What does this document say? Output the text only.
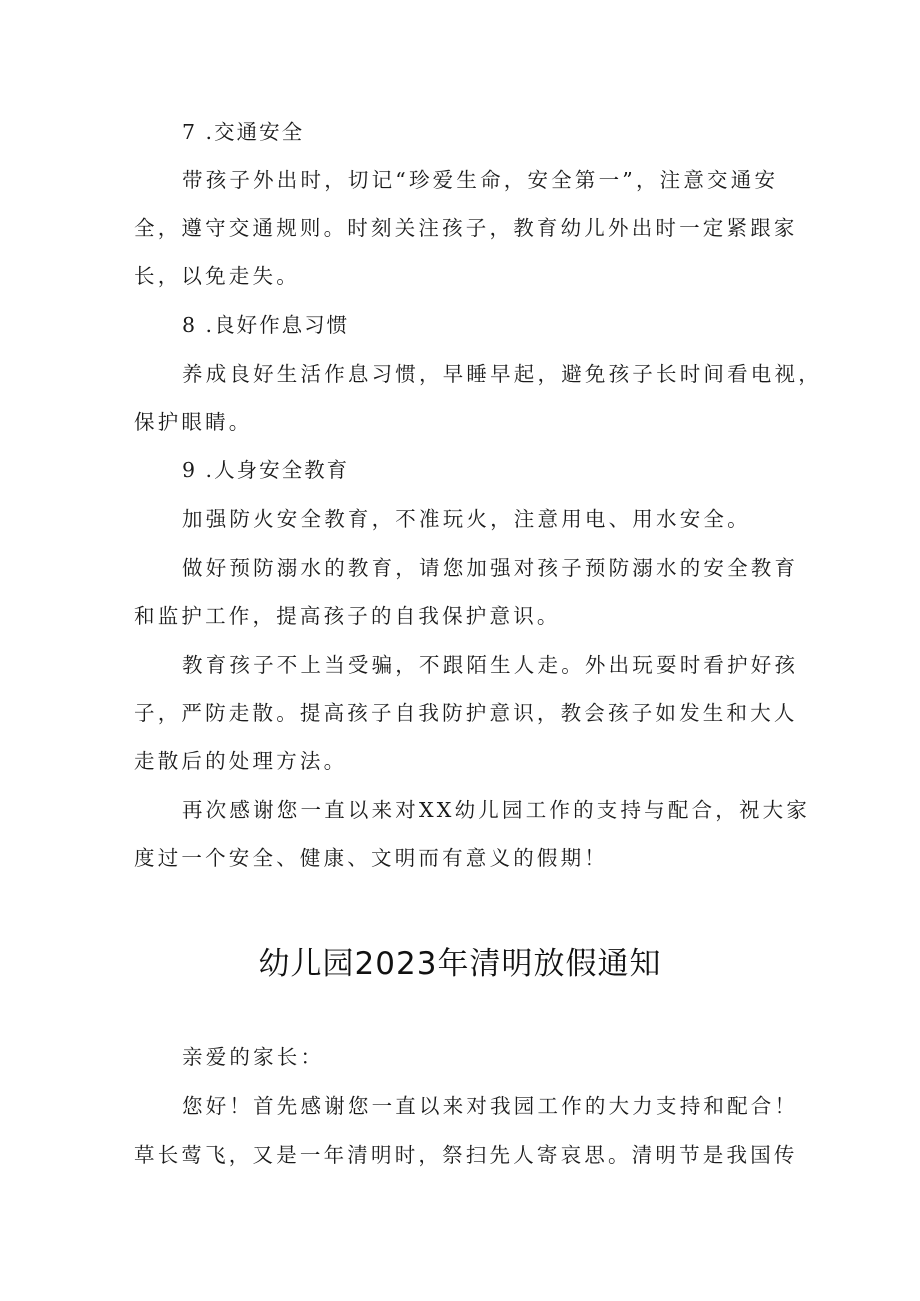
7 .交通安全
带孩子外出时，切记“珍爱生命，安全第一”，注意交通安
全，遵守交通规则。时刻关注孩子，教育幼儿外出时一定紧跟家
长，以免走失。
8 .良好作息习惯
养成良好生活作息习惯，早睡早起，避免孩子长时间看电视，
保护眼睛。
9 .人身安全教育
加强防火安全教育，不准玩火，注意用电、用水安全。
做好预防溺水的教育，请您加强对孩子预防溺水的安全教育
和监护工作，提高孩子的自我保护意识。
教育孩子不上当受骗，不跟陌生人走。外出玩耍时看护好孩
子，严防走散。提高孩子自我防护意识，教会孩子如发生和大人
走散后的处理方法。
再次感谢您一直以来对XX幼儿园工作的支持与配合，祝大家
度过一个安全、健康、文明而有意义的假期！
幼儿园2023年清明放假通知
亲爱的家长：
您好！首先感谢您一直以来对我园工作的大力支持和配合！
草长莺飞，又是一年清明时，祭扫先人寄哀思。清明节是我国传
